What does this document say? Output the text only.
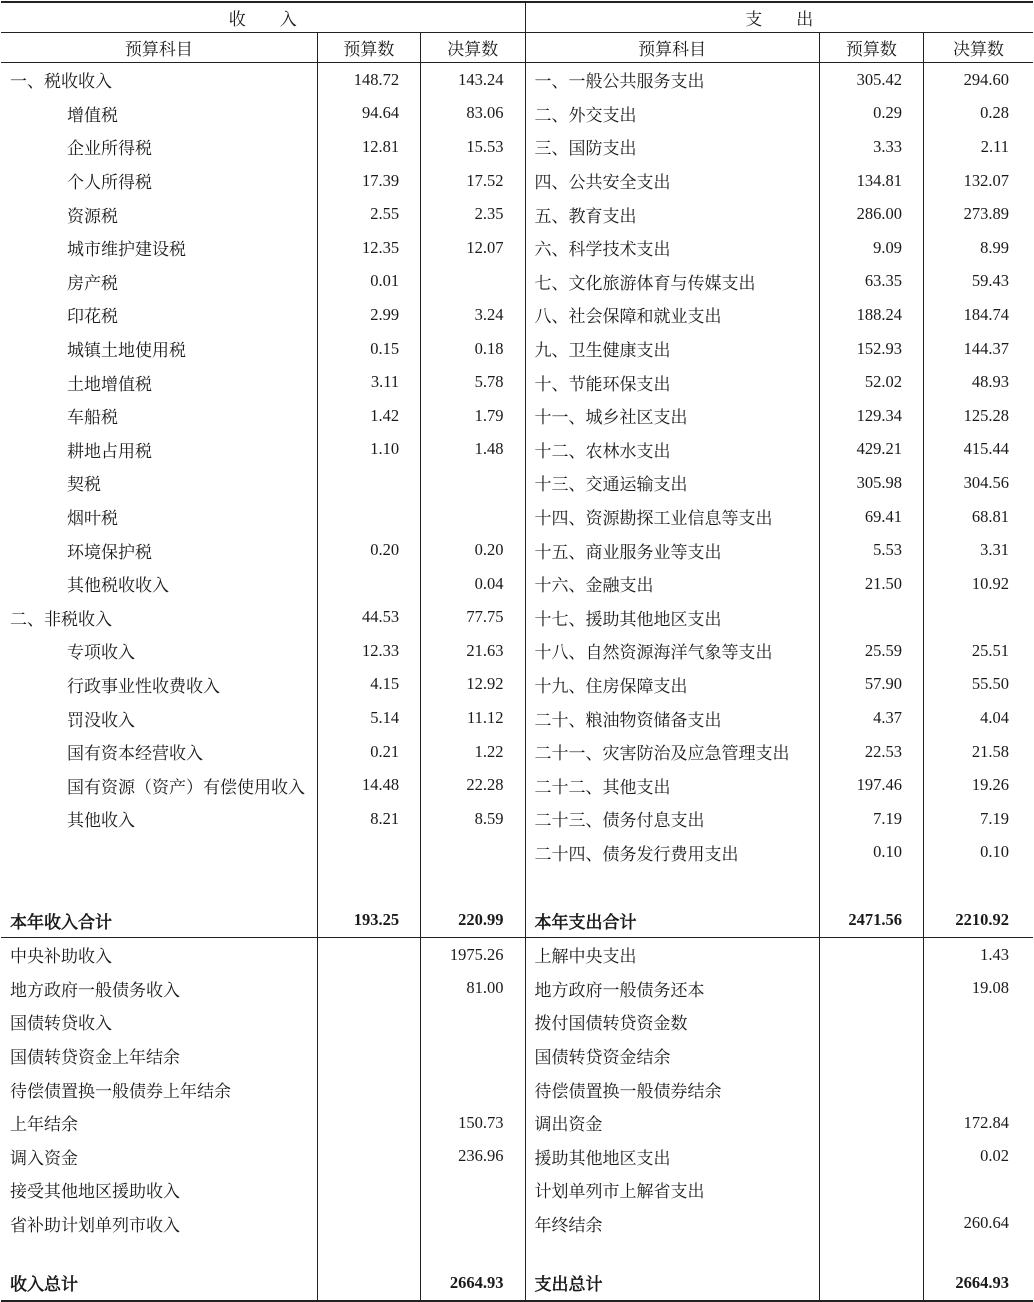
收　　入			支　　出		
预算科目	预算数	决算数	预算科目	预算数	决算数
一、税收收入	148.72	143.24	一、一般公共服务支出	305.42	294.60
增值税	94.64	83.06	二、外交支出	0.29	0.28
企业所得税	12.81	15.53	三、国防支出	3.33	2.11
个人所得税	17.39	17.52	四、公共安全支出	134.81	132.07
资源税	2.55	2.35	五、教育支出	286.00	273.89
城市维护建设税	12.35	12.07	六、科学技术支出	9.09	8.99
房产税	0.01		七、文化旅游体育与传媒支出	63.35	59.43
印花税	2.99	3.24	八、社会保障和就业支出	188.24	184.74
城镇土地使用税	0.15	0.18	九、卫生健康支出	152.93	144.37
土地增值税	3.11	5.78	十、节能环保支出	52.02	48.93
车船税	1.42	1.79	十一、城乡社区支出	129.34	125.28
耕地占用税	1.10	1.48	十二、农林水支出	429.21	415.44
契税			十三、交通运输支出	305.98	304.56
烟叶税			十四、资源勘探工业信息等支出	69.41	68.81
环境保护税	0.20	0.20	十五、商业服务业等支出	5.53	3.31
其他税收收入		0.04	十六、金融支出	21.50	10.92
二、非税收入	44.53	77.75	十七、援助其他地区支出		
专项收入	12.33	21.63	十八、自然资源海洋气象等支出	25.59	25.51
行政事业性收费收入	4.15	12.92	十九、住房保障支出	57.90	55.50
罚没收入	5.14	11.12	二十、粮油物资储备支出	4.37	4.04
国有资本经营收入	0.21	1.22	二十一、灾害防治及应急管理支出	22.53	21.58
国有资源（资产）有偿使用收入	14.48	22.28	二十二、其他支出	197.46	19.26
其他收入	8.21	8.59	二十三、债务付息支出	7.19	7.19
			二十四、债务发行费用支出	0.10	0.10

本年收入合计	193.25	220.99	本年支出合计	2471.56	2210.92
中央补助收入		1975.26	上解中央支出		1.43
地方政府一般债务收入		81.00	地方政府一般债务还本		19.08
国债转贷收入			拨付国债转贷资金数		
国债转贷资金上年结余			国债转贷资金结余		
待偿债置换一般债券上年结余			待偿债置换一般债券结余		
上年结余		150.73	调出资金		172.84
调入资金		236.96	援助其他地区支出		0.02
接受其他地区援助收入			计划单列市上解省支出		
省补助计划单列市收入			年终结余		260.64

收入总计		2664.93	支出总计		2664.93
